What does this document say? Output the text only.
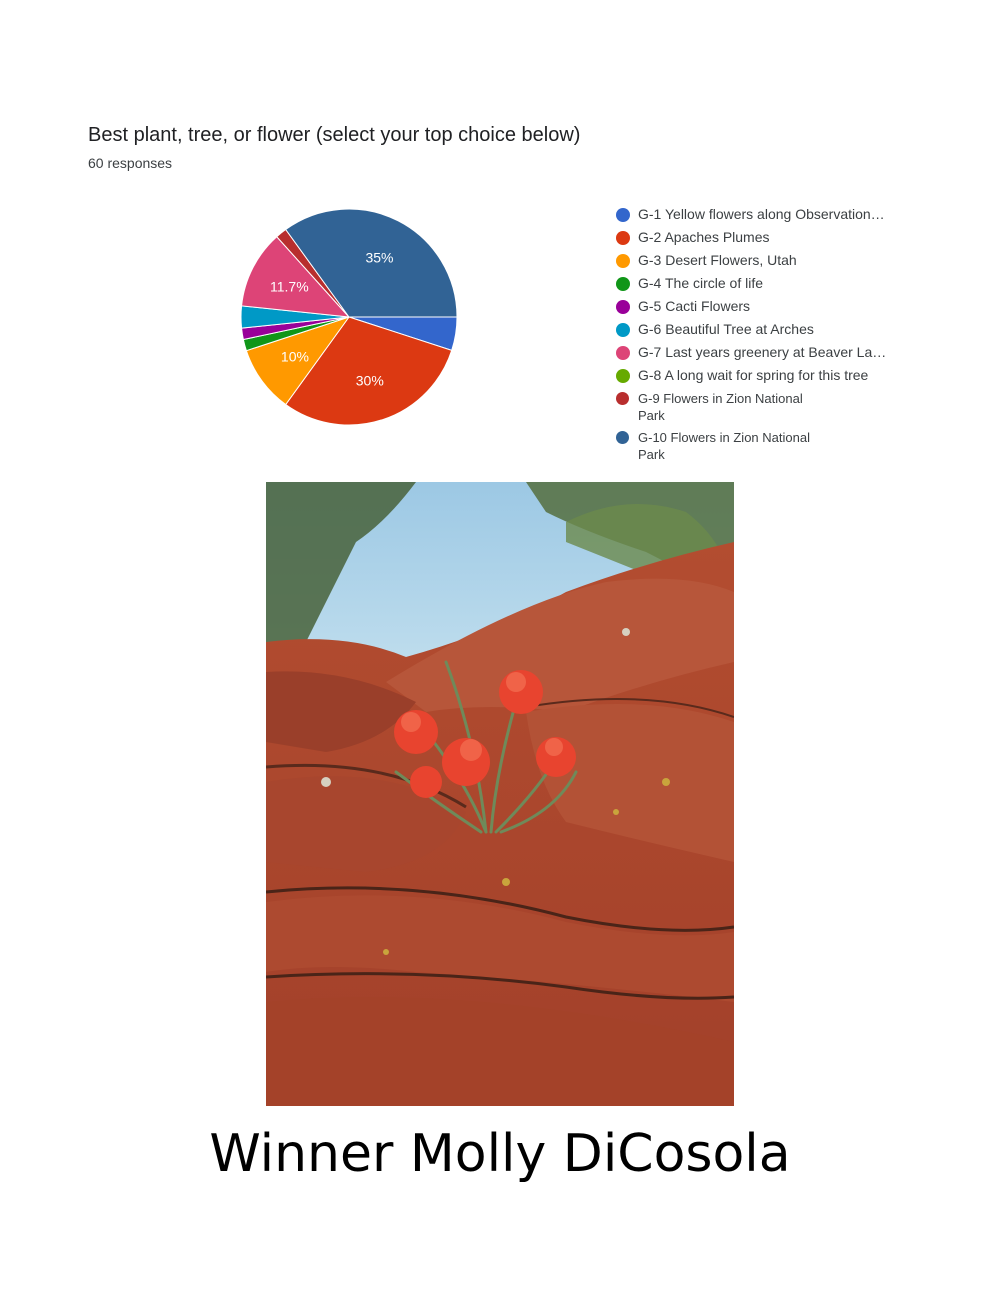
Best plant, tree, or flower (select your top choice below)
60 responses
30%
10%
11.7%
35%
G-1 Yellow flowers along Observation…
G-2 Apaches Plumes
G-3 Desert Flowers, Utah
G-4 The circle of life
G-5 Cacti Flowers
G-6 Beautiful Tree at Arches
G-7 Last years greenery at Beaver La…
G-8 A long wait for spring for this tree
G-9 Flowers in Zion National Park
G-10 Flowers in Zion National Park
Winner Molly DiCosola
